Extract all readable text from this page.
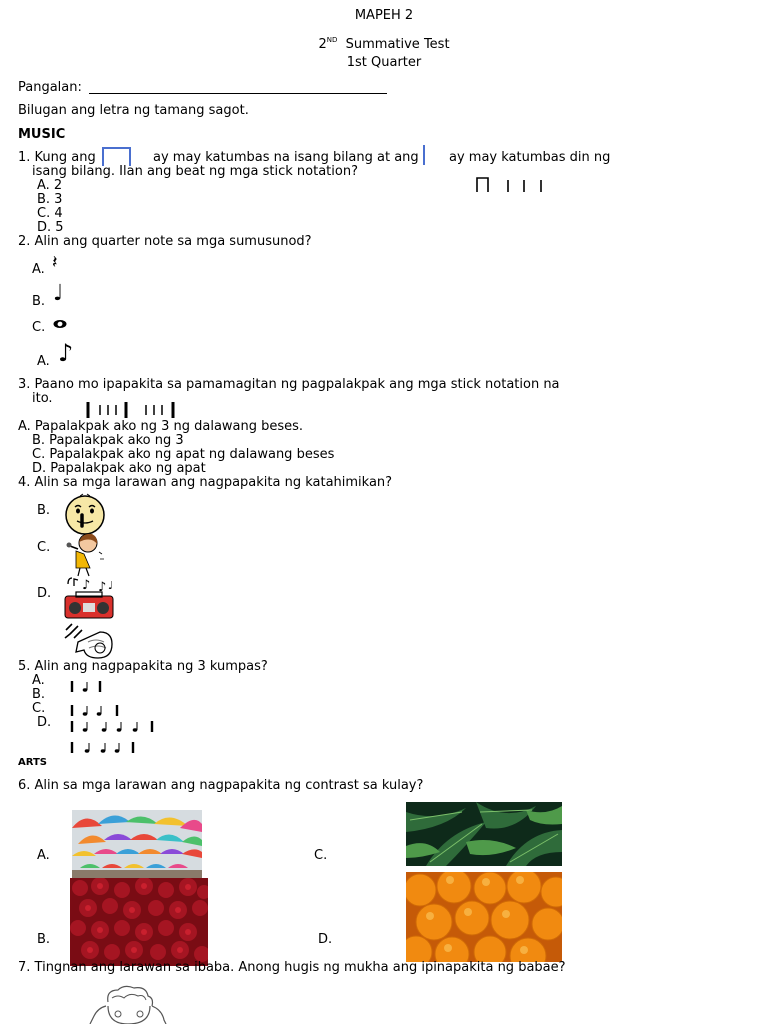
MAPEH 2
2ND Summative Test
1st Quarter
Pangalan:
Bilugan ang letra ng tamang sagot.
MUSIC
1. Kung ang	ay may katumbas na isang bilang at ang ay may katumbas din ng
isang bilang. Ilan ang beat ng mga stick notation?
A. 2
B. 3
C. 4
D. 5
2. Alin ang quarter note sa mga sumusunod?
A. 𝄽
B. ♩
C.
A. ♪
3. Paano mo ipapakita sa pamamagitan ng pagpalakpak ang mga stick notation na
ito.
A. Papalakpak ako ng 3 ng dalawang beses.
B. Papalakpak ako ng 3
C. Papalakpak ako ng apat ng dalawang beses
D. Papalakpak ako ng apat
4. Alin sa mga larawan ang nagpapakita ng katahimikan?
B.
C.
D.
♪ ♪ ♩
5. Alin ang nagpapakita ng 3 kumpas?
A.
B.
C.
D.
ARTS
6. Alin sa mga larawan ang nagpapakita ng contrast sa kulay?
A.	C.
B.	D.
7. Tingnan ang larawan sa ibaba. Anong hugis ng mukha ang ipinapakita ng babae?
